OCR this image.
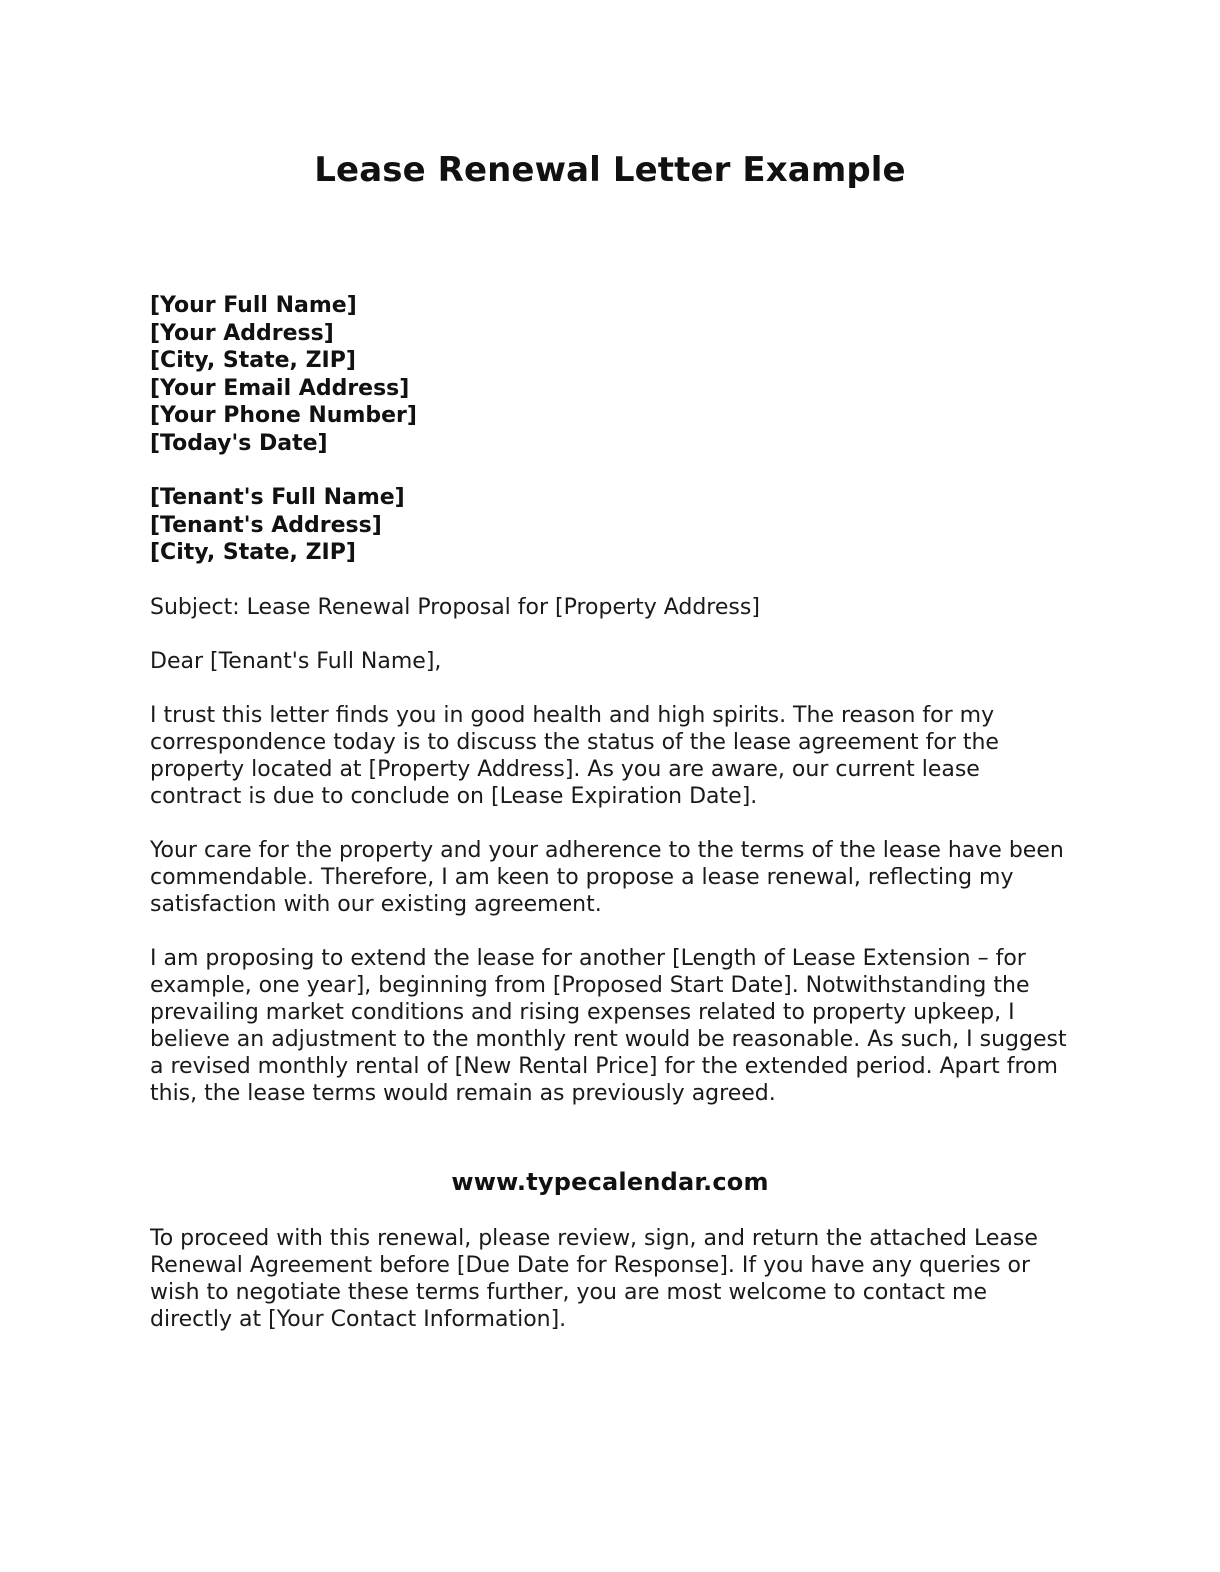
Lease Renewal Letter Example
[Your Full Name]
[Your Address]
[City, State, ZIP]
[Your Email Address]
[Your Phone Number]
[Today's Date]
[Tenant's Full Name]
[Tenant's Address]
[City, State, ZIP]

Subject: Lease Renewal Proposal for [Property Address]

Dear [Tenant's Full Name],

I trust this letter finds you in good health and high spirits. The reason for my correspondence today is to discuss the status of the lease agreement for the property located at [Property Address]. As you are aware, our current lease contract is due to conclude on [Lease Expiration Date].

Your care for the property and your adherence to the terms of the lease have been commendable. Therefore, I am keen to propose a lease renewal, reflecting my satisfaction with our existing agreement.

I am proposing to extend the lease for another [Length of Lease Extension – for example, one year], beginning from [Proposed Start Date]. Notwithstanding the prevailing market conditions and rising expenses related to property upkeep, I believe an adjustment to the monthly rent would be reasonable. As such, I suggest a revised monthly rental of [New Rental Price] for the extended period. Apart from this, the lease terms would remain as previously agreed.

www.typecalendar.com

To proceed with this renewal, please review, sign, and return the attached Lease Renewal Agreement before [Due Date for Response]. If you have any queries or wish to negotiate these terms further, you are most welcome to contact me directly at [Your Contact Information].
